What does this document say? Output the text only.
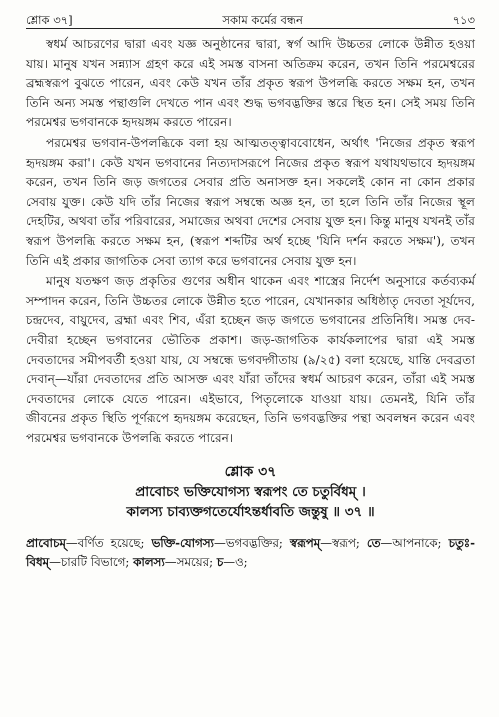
শ্লোক ৩৭]	সকাম কর্মের বন্ধন	৭১৩

স্বধর্ম আচরণের দ্বারা এবং যজ্ঞ অনুষ্ঠানের দ্বারা, স্বর্গ আদি উচ্চতর লোকে উন্নীত হওয়া যায়। মানুষ যখন সন্ন্যাস গ্রহণ করে এই সমস্ত বাসনা অতিক্রম করেন, তখন তিনি পরমেশ্বরের ব্রহ্মস্বরূপ বুঝতে পারেন, এবং কেউ যখন তাঁর প্রকৃত স্বরূপ উপলব্ধি করতে সক্ষম হন, তখন তিনি অন্য সমস্ত পন্থাগুলি দেখতে পান এবং শুদ্ধ ভগবদ্ভক্তির স্তরে স্থিত হন। সেই সময় তিনি পরমেশ্বর ভগবানকে হৃদয়ঙ্গম করতে পারেন।

পরমেশ্বর ভগবান-উপলব্ধিকে বলা হয় আত্মতত্ত্বাববোধেন, অর্থাৎ 'নিজের প্রকৃত স্বরূপ হৃদয়ঙ্গম করা'। কেউ যখন ভগবানের নিত্যদাসরূপে নিজের প্রকৃত স্বরূপ যথাযথভাবে হৃদয়ঙ্গম করেন, তখন তিনি জড় জগতের সেবার প্রতি অনাসক্ত হন। সকলেই কোন না কোন প্রকার সেবায় যুক্ত। কেউ যদি তাঁর নিজের স্বরূপ সম্বন্ধে অজ্ঞ হন, তা হলে তিনি তাঁর নিজের স্থূল দেহটির, অথবা তাঁর পরিবারের, সমাজের অথবা দেশের সেবায় যুক্ত হন। কিন্তু মানুষ যখনই তাঁর স্বরূপ উপলব্ধি করতে সক্ষম হন, (স্বরূপ শব্দটির অর্থ হচ্ছে 'যিনি দর্শন করতে সক্ষম'), তখন তিনি এই প্রকার জাগতিক সেবা ত্যাগ করে ভগবানের সেবায় যুক্ত হন।

মানুষ যতক্ষণ জড় প্রকৃতির গুণের অধীন থাকেন এবং শাস্ত্রের নির্দেশ অনুসারে কর্তব্যকর্ম সম্পাদন করেন, তিনি উচ্চতর লোকে উন্নীত হতে পারেন, যেখানকার অধিষ্ঠাতৃ দেবতা সূর্যদেব, চন্দ্রদেব, বায়ুদেব, ব্রহ্মা এবং শিব, এঁরা হচ্ছেন জড় জগতে ভগবানের প্রতিনিধি। সমস্ত দেব-দেবীরা হচ্ছেন ভগবানের ভৌতিক প্রকাশ। জড়-জাগতিক কার্যকলাপের দ্বারা এই সমস্ত দেবতাদের সমীপবর্তী হওয়া যায়, যে সম্বন্ধে ভগবদ্গীতায় (৯/২৫) বলা হয়েছে, যান্তি দেবব্রতা দেবান্—যাঁরা দেবতাদের প্রতি আসক্ত এবং যাঁরা তাঁদের স্বধর্ম আচরণ করেন, তাঁরা এই সমস্ত দেবতাদের লোকে যেতে পারেন। এইভাবে, পিতৃলোকে যাওয়া যায়। তেমনই, যিনি তাঁর জীবনের প্রকৃত স্থিতি পূর্ণরূপে হৃদয়ঙ্গম করেছেন, তিনি ভগবদ্ভক্তির পন্থা অবলম্বন করেন এবং পরমেশ্বর ভগবানকে উপলব্ধি করতে পারেন।

শ্লোক ৩৭
প্রাবোচং ভক্তিযোগস্য স্বরূপং তে চতুর্বিধম্ ।
কালস্য চাব্যক্তগতের্যোঽন্তর্ধাবতি জন্তুষু ॥ ৩৭ ॥
প্রাবোচম্—বর্ণিত হয়েছে; ভক্তি-যোগস্য—ভগবদ্ভক্তির; স্বরূপম্—স্বরূপ; তে—আপনাকে; চতুঃ-বিধম্—চারটি বিভাগে; কালস্য—সময়ের; চ—ও;
